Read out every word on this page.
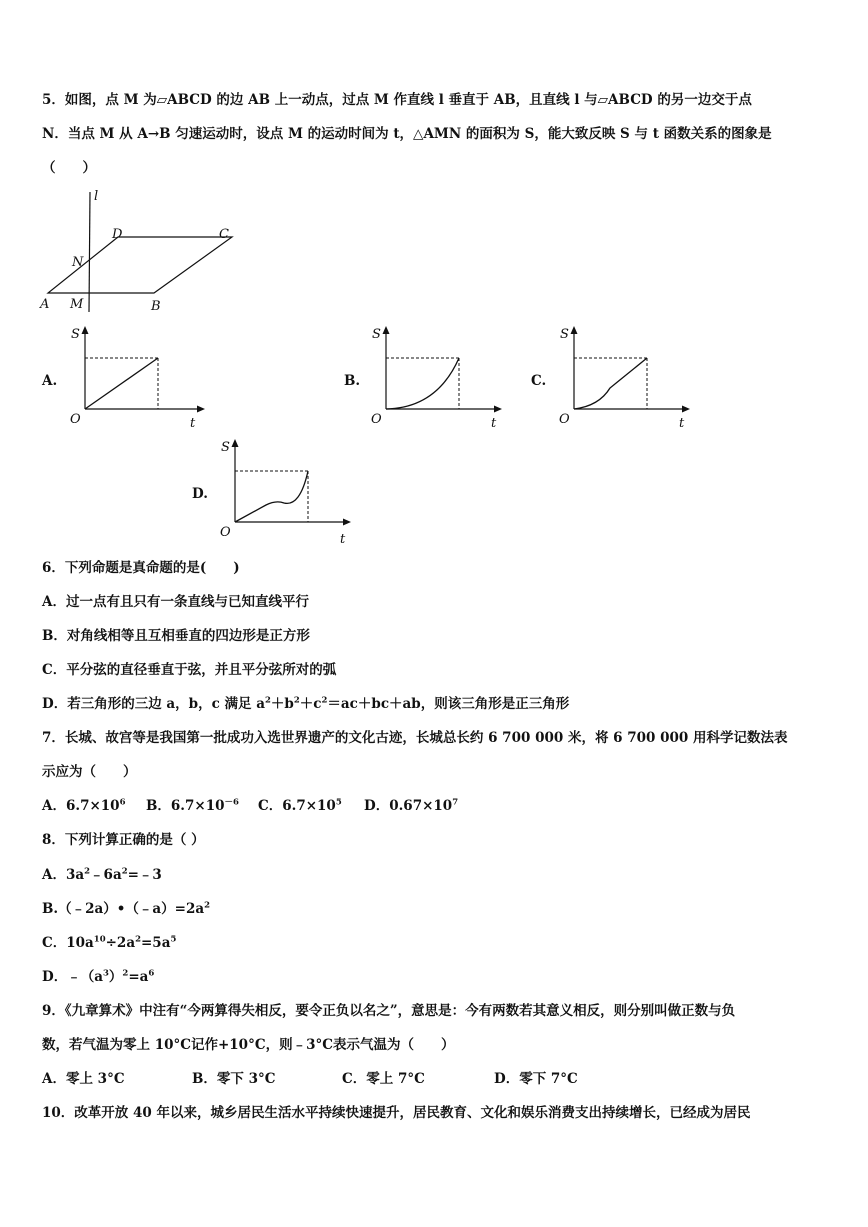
5．如图，点 M 为▱ABCD 的边 AB 上一动点，过点 M 作直线 l 垂直于 AB，且直线 l 与▱ABCD 的另一边交于点
N．当点 M 从 A→B 匀速运动时，设点 M 的运动时间为 t，△AMN 的面积为 S，能大致反映 S 与 t 函数关系的图象是
（　　）
l
D	C
N
A M	B
A.
S
O	t
B.
S
O	t
C.
S
O	t
D.
S
O	t
6．下列命题是真命题的是(　　)
A．过一点有且只有一条直线与已知直线平行
B．对角线相等且互相垂直的四边形是正方形
C．平分弦的直径垂直于弦，并且平分弦所对的弧
D．若三角形的三边 a，b，c 满足 $a^2+b^2+c^2=ac+bc+ab$，则该三角形是正三角形
7．长城、故宫等是我国第一批成功入选世界遗产的文化古迹，长城总长约 6 700 000 米，将 6 700 000 用科学记数法表
示应为（　　）
A．$6.7\times 10^6$ B．$6.7\times 10^{-6}$ C．$6.7\times 10^5$ D．$0.67\times 10^7$
8．下列计算正确的是（ ）
A．$3a^2﹣6a^2=﹣3$
$B.(﹣2a)•(﹣a)=2a^2$
C．$10a^{10}\div 2a^2=5a^5$
D．$﹣(a^3)^2=a^6$
9．《九章算术》中注有“今两算得失相反，要令正负以名之”，意思是：今有两数若其意义相反，则分别叫做正数与负
数，若气温为零上 10°C记作+10°C，则﹣3°C表示气温为（　　）
A．零上 3°C	B．零下 3°C	C．零上 7°C	D．零下 7°C
10．改革开放 40 年以来，城乡居民生活水平持续快速提升，居民教育、文化和娱乐消费支出持续增长，已经成为居民
